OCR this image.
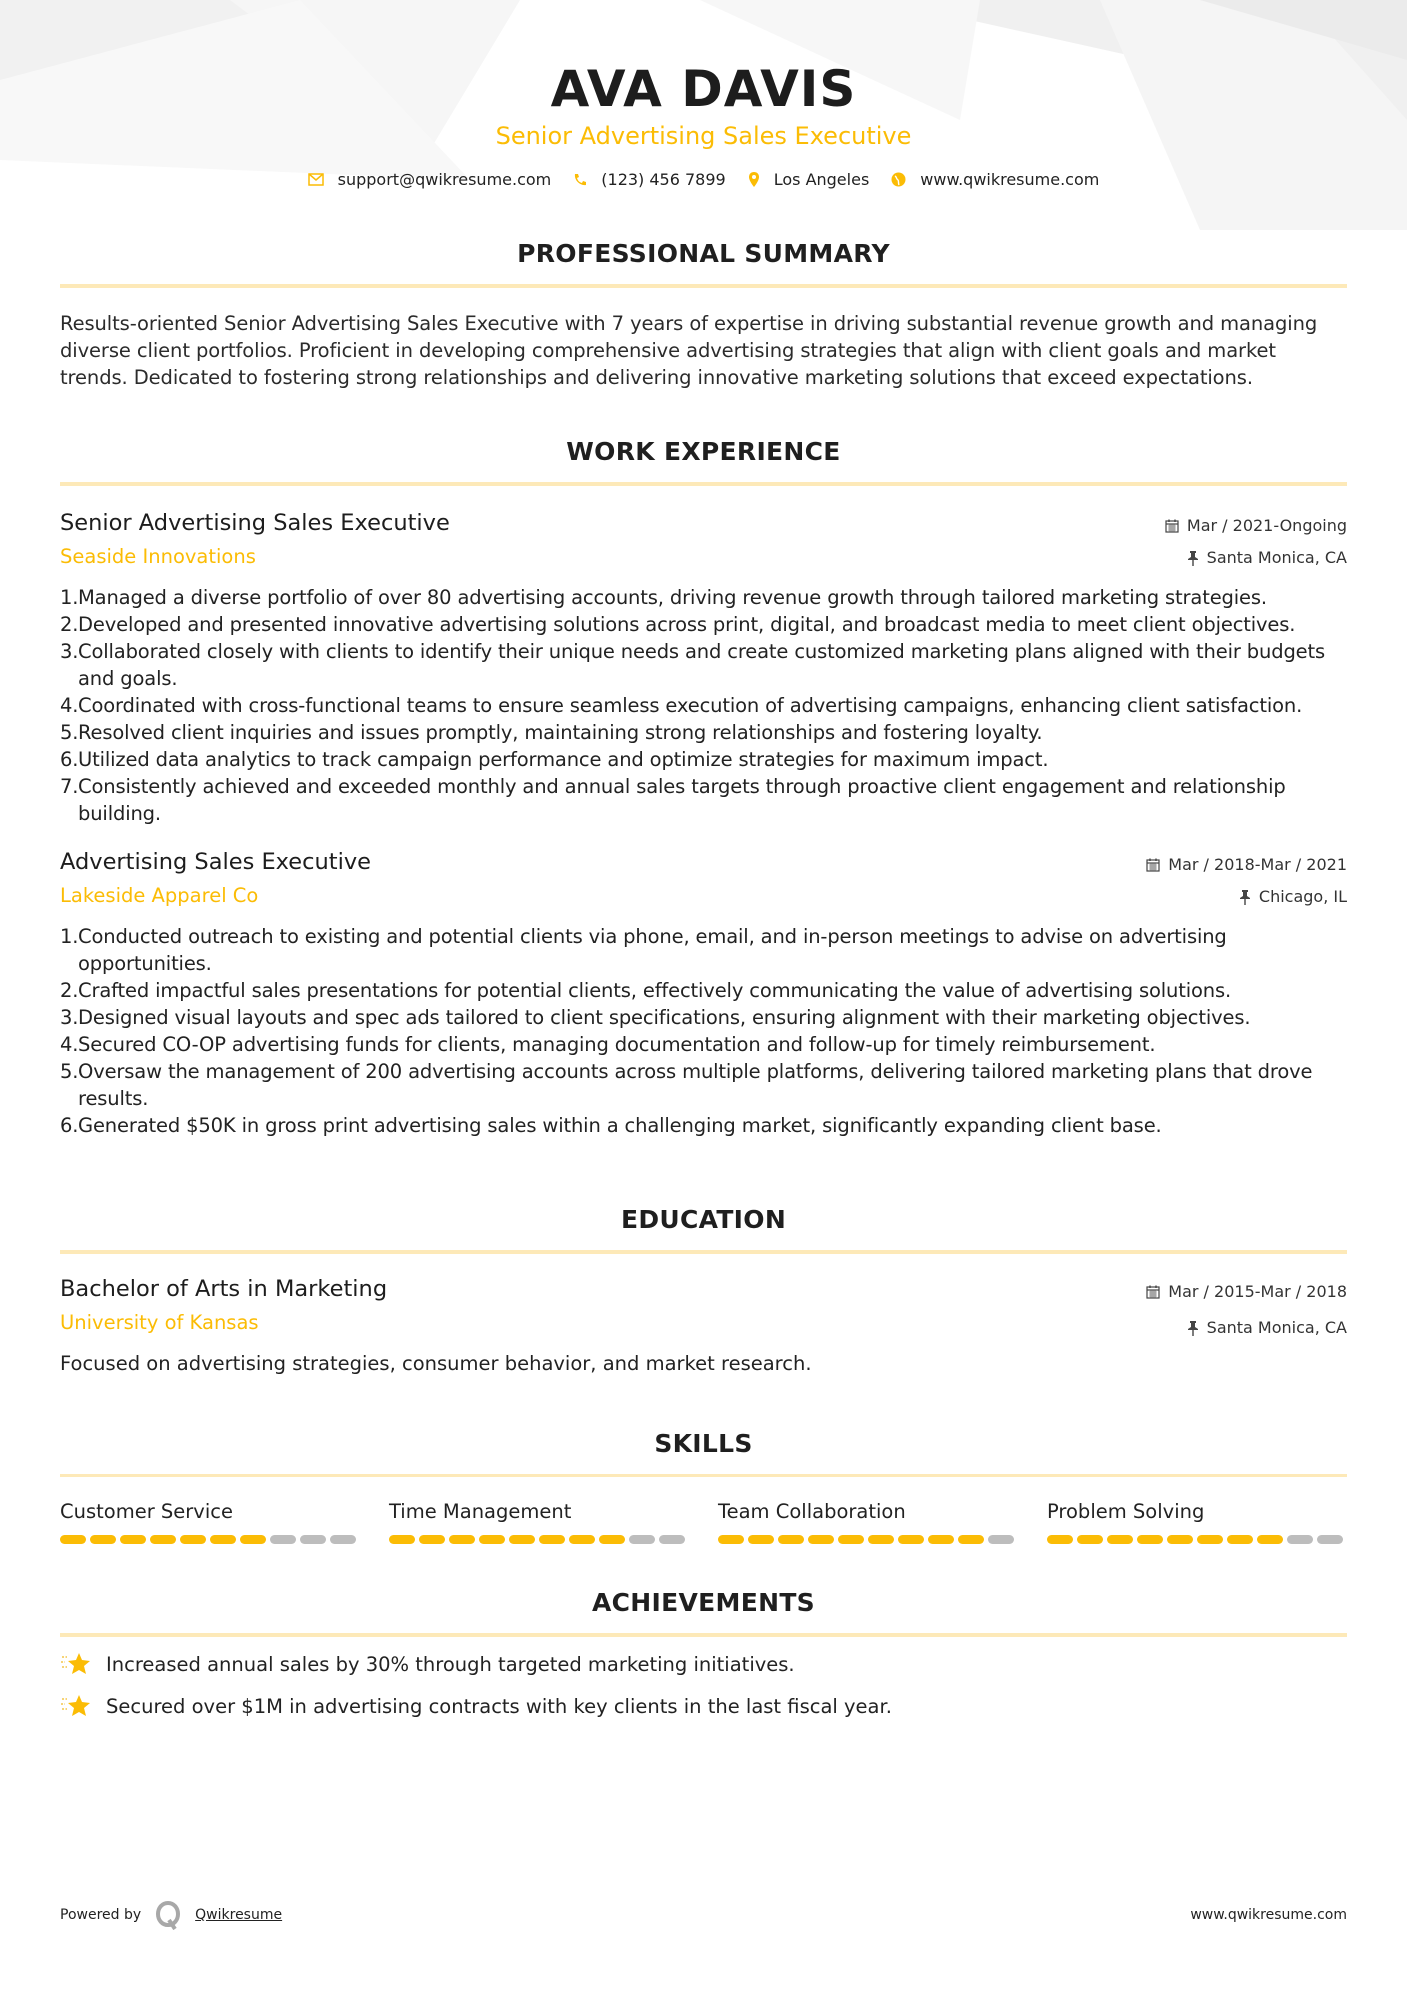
AVA DAVIS
Senior Advertising Sales Executive
support@qwikresume.com	(123) 456 7899	Los Angeles	www.qwikresume.com
PROFESSIONAL SUMMARY

Results-oriented Senior Advertising Sales Executive with 7 years of expertise in driving substantial revenue growth and managing diverse client portfolios. Proficient in developing comprehensive advertising strategies that align with client goals and market trends. Dedicated to fostering strong relationships and delivering innovative marketing solutions that exceed expectations.

WORK EXPERIENCE
Senior Advertising Sales Executive
Seaside Innovations
Mar / 2021-Ongoing
Santa Monica, CA
Managed a diverse portfolio of over 80 advertising accounts, driving revenue growth through tailored marketing strategies.
Developed and presented innovative advertising solutions across print, digital, and broadcast media to meet client objectives.
Collaborated closely with clients to identify their unique needs and create customized marketing plans aligned with their budgets and goals.
Coordinated with cross-functional teams to ensure seamless execution of advertising campaigns, enhancing client satisfaction.
Resolved client inquiries and issues promptly, maintaining strong relationships and fostering loyalty.
Utilized data analytics to track campaign performance and optimize strategies for maximum impact.
Consistently achieved and exceeded monthly and annual sales targets through proactive client engagement and relationship building.
Advertising Sales Executive
Lakeside Apparel Co
Mar / 2018-Mar / 2021
Chicago, IL
Conducted outreach to existing and potential clients via phone, email, and in-person meetings to advise on advertising opportunities.
Crafted impactful sales presentations for potential clients, effectively communicating the value of advertising solutions.
Designed visual layouts and spec ads tailored to client specifications, ensuring alignment with their marketing objectives.
Secured CO-OP advertising funds for clients, managing documentation and follow-up for timely reimbursement.
Oversaw the management of 200 advertising accounts across multiple platforms, delivering tailored marketing plans that drove results.
Generated $50K in gross print advertising sales within a challenging market, significantly expanding client base.
EDUCATION
Bachelor of Arts in Marketing
University of Kansas
Mar / 2015-Mar / 2018
Santa Monica, CA

Focused on advertising strategies, consumer behavior, and market research.

SKILLS
Customer Service	Time Management	Team Collaboration	Problem Solving
ACHIEVEMENTS
Increased annual sales by 30% through targeted marketing initiatives.
Secured over $1M in advertising contracts with key clients in the last fiscal year.
Powered by	Qwikresume	www.qwikresume.com
